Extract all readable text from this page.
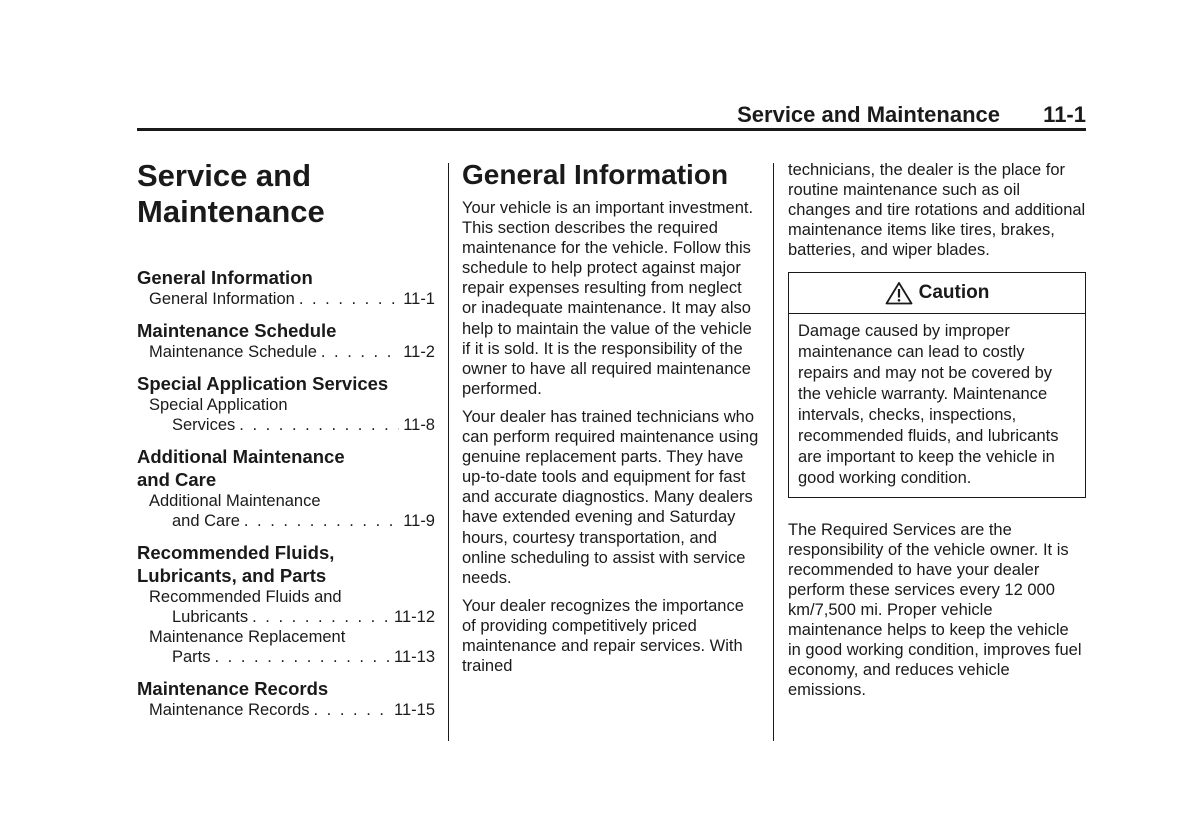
Service and Maintenance 11-1
Service and
Maintenance
General Information
General Information . . .	11-1
Maintenance Schedule
Maintenance Schedule . . .	11-2
Special Application Services
Special Application
Services . . .	11-8
Additional Maintenance
and Care
Additional Maintenance
and Care . . .	11-9
Recommended Fluids,
Lubricants, and Parts
Recommended Fluids and
Lubricants . . .	11-12
Maintenance Replacement
Parts . . .	11-13
Maintenance Records
Maintenance Records . . .	11-15
General Information

Your vehicle is an important investment. This section describes the required maintenance for the vehicle. Follow this schedule to help protect against major repair expenses resulting from neglect or inadequate maintenance. It may also help to maintain the value of the vehicle if it is sold. It is the responsibility of the owner to have all required maintenance performed.

Your dealer has trained technicians who can perform required maintenance using genuine replacement parts. They have up-to-date tools and equipment for fast and accurate diagnostics. Many dealers have extended evening and Saturday hours, courtesy transportation, and online scheduling to assist with service needs.

Your dealer recognizes the importance of providing competitively priced maintenance and repair services. With trained

technicians, the dealer is the place for routine maintenance such as oil changes and tire rotations and additional maintenance items like tires, brakes, batteries, and wiper blades.

Caution
Damage caused by improper maintenance can lead to costly repairs and may not be covered by the vehicle warranty. Maintenance intervals, checks, inspections, recommended fluids, and lubricants are important to keep the vehicle in good working condition.

The Required Services are the responsibility of the vehicle owner. It is recommended to have your dealer perform these services every 12 000 km/7,500 mi. Proper vehicle maintenance helps to keep the vehicle in good working condition, improves fuel economy, and reduces vehicle emissions.
